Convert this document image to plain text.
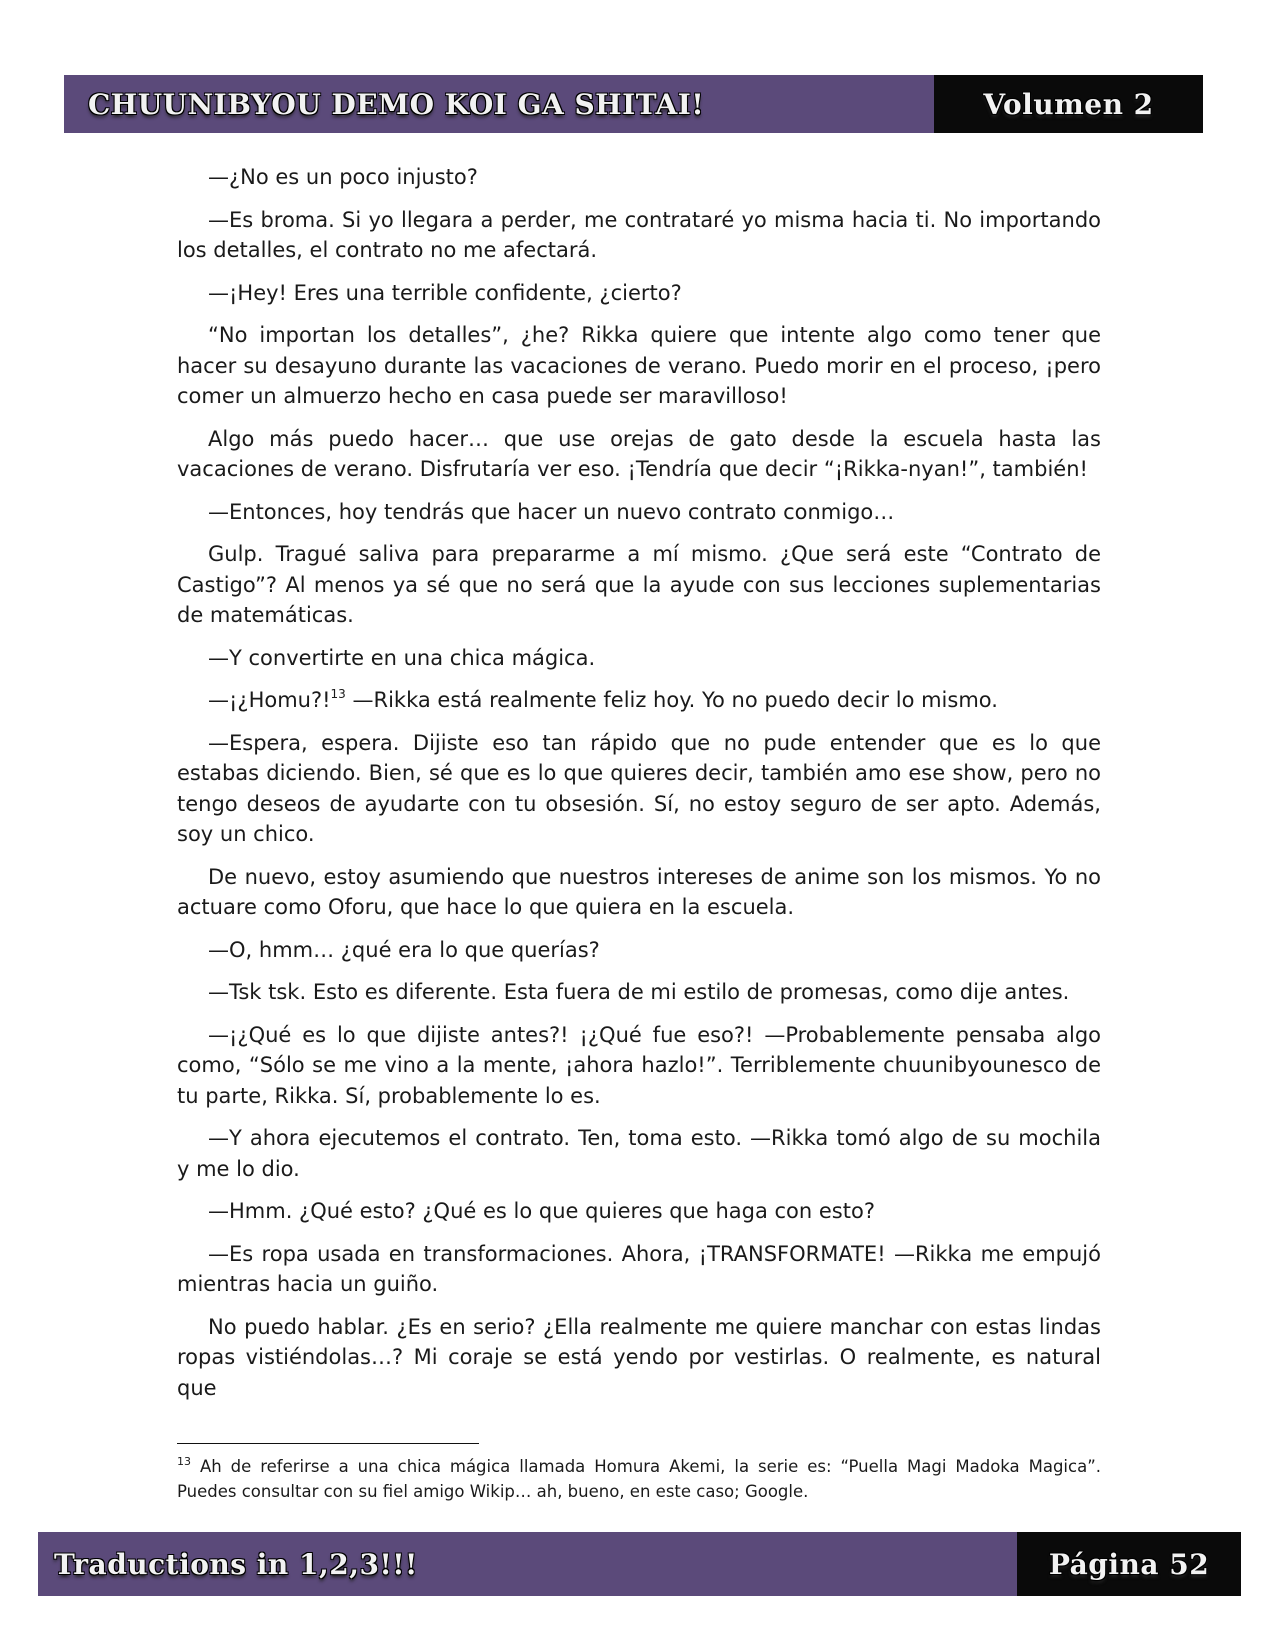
CHUUNIBYOU DEMO KOI GA SHITAI!	Volumen 2

—¿No es un poco injusto?

—Es broma. Si yo llegara a perder, me contrataré yo misma hacia ti. No importando los detalles, el contrato no me afectará.

—¡Hey! Eres una terrible confidente, ¿cierto?

“No importan los detalles”, ¿he? Rikka quiere que intente algo como tener que hacer su desayuno durante las vacaciones de verano. Puedo morir en el proceso, ¡pero comer un almuerzo hecho en casa puede ser maravilloso!

Algo más puedo hacer… que use orejas de gato desde la escuela hasta las vacaciones de verano. Disfrutaría ver eso. ¡Tendría que decir “¡Rikka-nyan!”, también!

—Entonces, hoy tendrás que hacer un nuevo contrato conmigo…

Gulp. Tragué saliva para prepararme a mí mismo. ¿Que será este “Contrato de Castigo”? Al menos ya sé que no será que la ayude con sus lecciones suplementarias de matemáticas.

—Y convertirte en una chica mágica.

—¡¿Homu?!$^{13}$ —Rikka está realmente feliz hoy. Yo no puedo decir lo mismo.

—Espera, espera. Dijiste eso tan rápido que no pude entender que es lo que estabas diciendo. Bien, sé que es lo que quieres decir, también amo ese show, pero no tengo deseos de ayudarte con tu obsesión. Sí, no estoy seguro de ser apto. Además, soy un chico.

De nuevo, estoy asumiendo que nuestros intereses de anime son los mismos. Yo no actuare como Oforu, que hace lo que quiera en la escuela.

—O, hmm… ¿qué era lo que querías?

—Tsk tsk. Esto es diferente. Esta fuera de mi estilo de promesas, como dije antes.

—¡¿Qué es lo que dijiste antes?! ¡¿Qué fue eso?! —Probablemente pensaba algo como, “Sólo se me vino a la mente, ¡ahora hazlo!”. Terriblemente chuunibyounesco de tu parte, Rikka. Sí, probablemente lo es.

—Y ahora ejecutemos el contrato. Ten, toma esto. —Rikka tomó algo de su mochila y me lo dio.

—Hmm. ¿Qué esto? ¿Qué es lo que quieres que haga con esto?

—Es ropa usada en transformaciones. Ahora, ¡TRANSFORMATE! —Rikka me empujó mientras hacia un guiño.

No puedo hablar. ¿Es en serio? ¿Ella realmente me quiere manchar con estas lindas ropas vistiéndolas…? Mi coraje se está yendo por vestirlas. O realmente, es natural que

$^{13}$ Ah de referirse a una chica mágica llamada Homura Akemi, la serie es: “Puella Magi Madoka Magica”. Puedes consultar con su fiel amigo Wikip… ah, bueno, en este caso; Google.
Traductions in 1,2,3!!!	Página 52
